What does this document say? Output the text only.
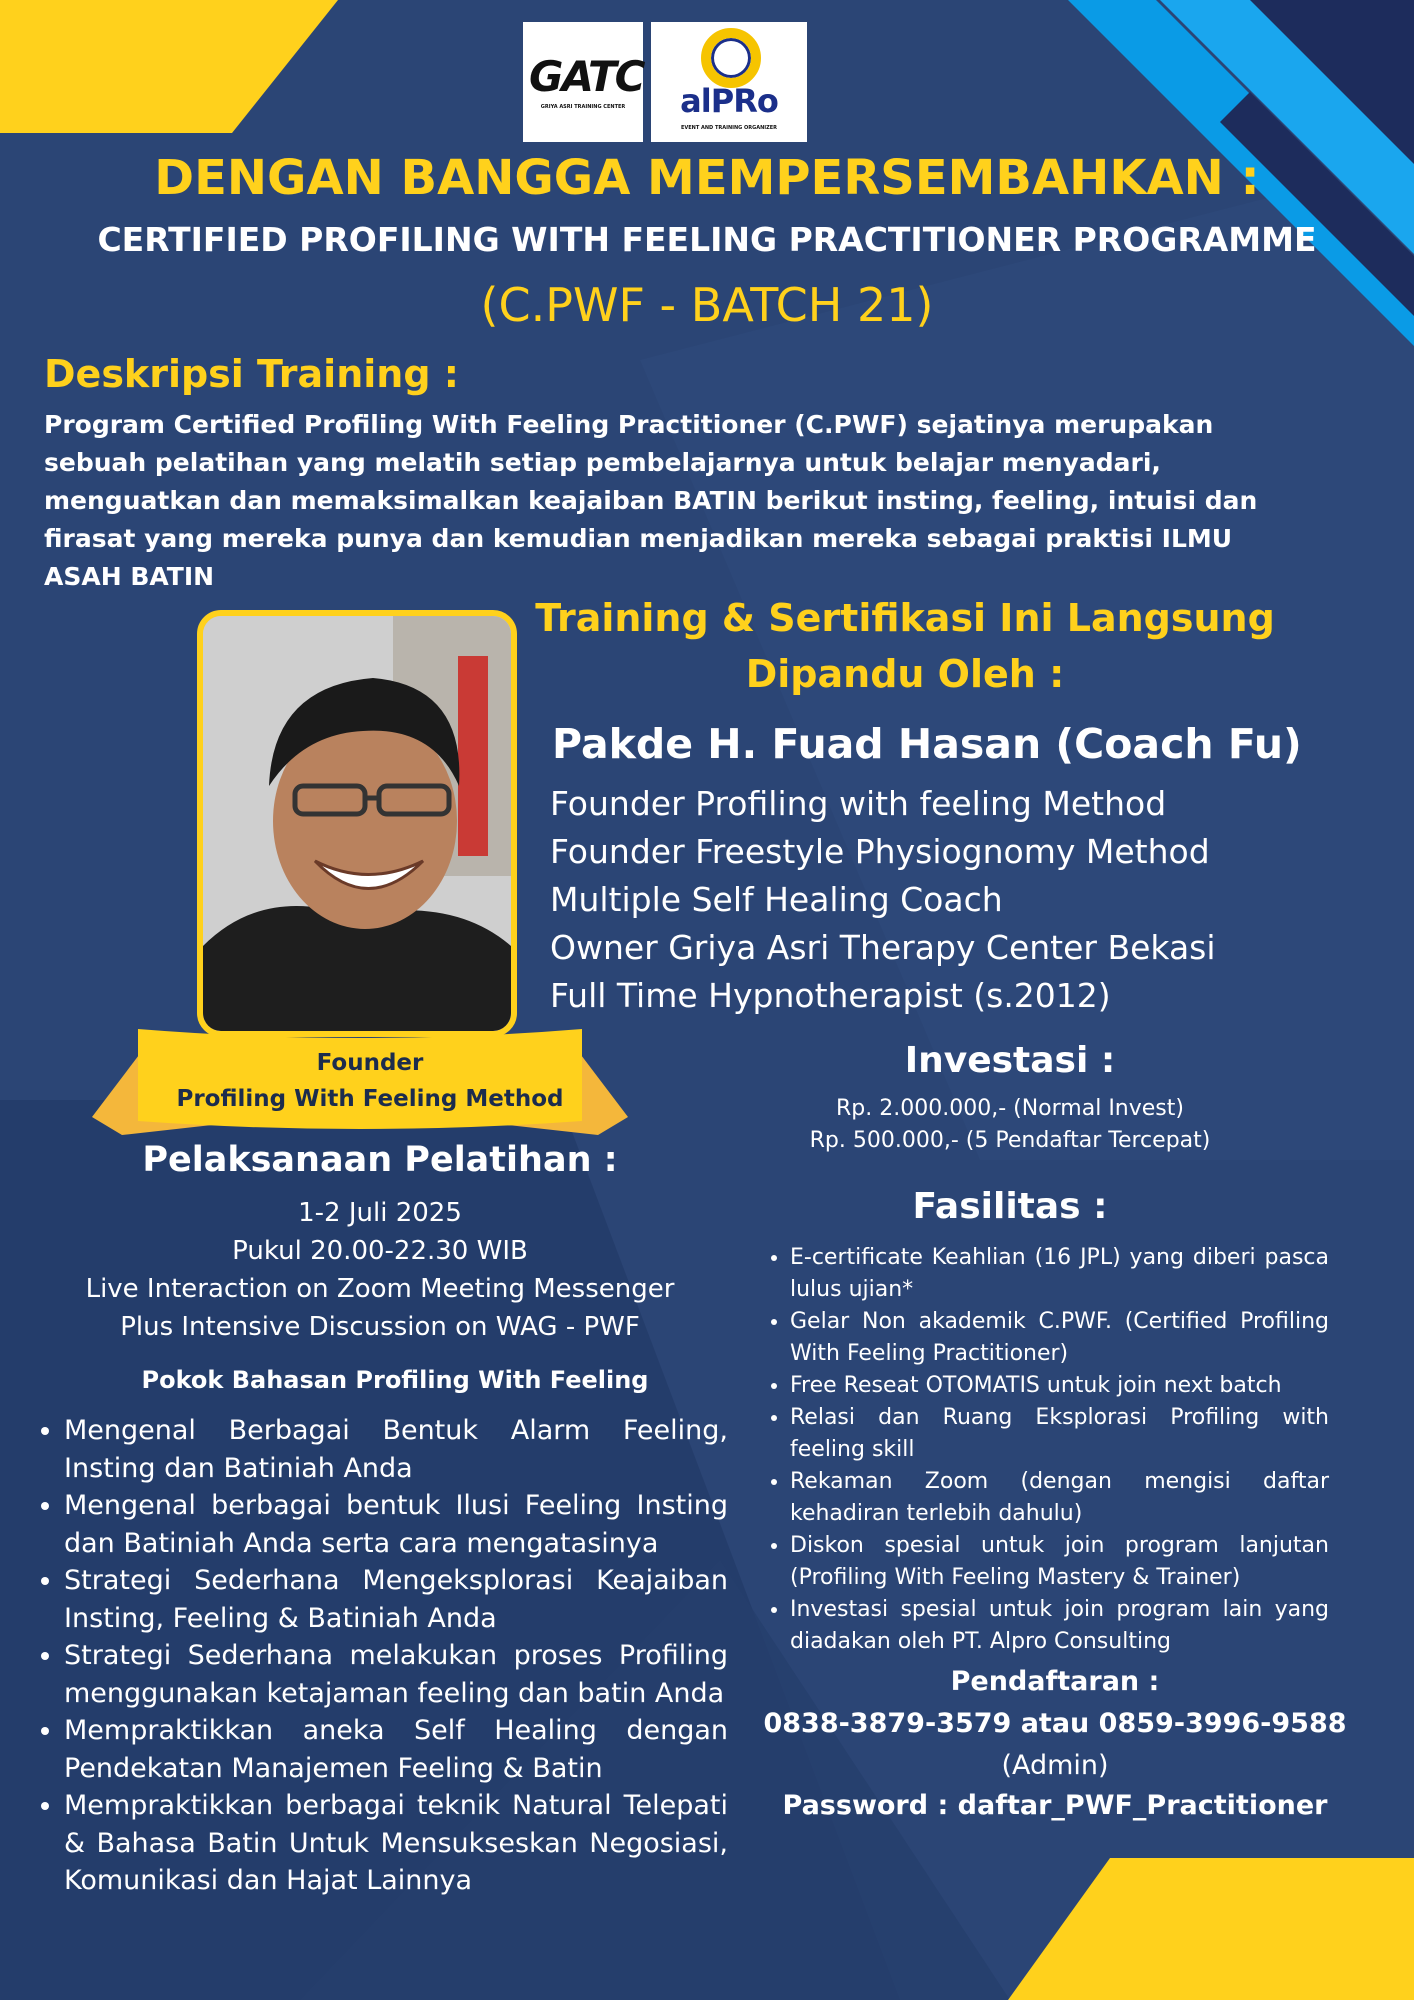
GATC
GRIYA ASRI TRAINING CENTER	alPRo
EVENT AND TRAINING ORGANIZER
DENGAN BANGGA MEMPERSEMBAHKAN :
CERTIFIED PROFILING WITH FEELING PRACTITIONER PROGRAMME
(C.PWF - BATCH 21)
Deskripsi Training :
Program Certified Profiling With Feeling Practitioner (C.PWF) sejatinya merupakan sebuah pelatihan yang melatih setiap pembelajarnya untuk belajar menyadari, menguatkan dan memaksimalkan keajaiban BATIN berikut insting, feeling, intuisi dan firasat yang mereka punya dan kemudian menjadikan mereka sebagai praktisi ILMU ASAH BATIN
Founder
Profiling With Feeling Method
Training & Sertifikasi Ini Langsung Dipandu Oleh :
Pakde H. Fuad Hasan (Coach Fu)
Founder Profiling with feeling Method
Founder Freestyle Physiognomy Method
Multiple Self Healing Coach
Owner Griya Asri Therapy Center Bekasi
Full Time Hypnotherapist (s.2012)
Investasi :
Rp. 2.000.000,- (Normal Invest)
Rp. 500.000,- (5 Pendaftar Tercepat)
Pelaksanaan Pelatihan :
1-2 Juli 2025
Pukul 20.00-22.30 WIB
Live Interaction on Zoom Meeting Messenger
Plus Intensive Discussion on WAG - PWF
Pokok Bahasan Profiling With Feeling
• Mengenal Berbagai Bentuk Alarm Feeling, Insting dan Batiniah Anda
• Mengenal berbagai bentuk Ilusi Feeling Insting dan Batiniah Anda serta cara mengatasinya
• Strategi Sederhana Mengeksplorasi Keajaiban Insting, Feeling & Batiniah Anda
• Strategi Sederhana melakukan proses Profiling menggunakan ketajaman feeling dan batin Anda
• Mempraktikkan aneka Self Healing dengan Pendekatan Manajemen Feeling & Batin
• Mempraktikkan berbagai teknik Natural Telepati & Bahasa Batin Untuk Mensukseskan Negosiasi, Komunikasi dan Hajat Lainnya
Fasilitas :
• E-certificate Keahlian (16 JPL) yang diberi pasca lulus ujian*
• Gelar Non akademik C.PWF. (Certified Profiling With Feeling Practitioner)
• Free Reseat OTOMATIS untuk join next batch
• Relasi dan Ruang Eksplorasi Profiling with feeling skill
• Rekaman Zoom (dengan mengisi daftar kehadiran terlebih dahulu)
• Diskon spesial untuk join program lanjutan (Profiling With Feeling Mastery & Trainer)
• Investasi spesial untuk join program lain yang diadakan oleh PT. Alpro Consulting
Pendaftaran :
0838-3879-3579 atau 0859-3996-9588
(Admin)
Password : daftar_PWF_Practitioner
